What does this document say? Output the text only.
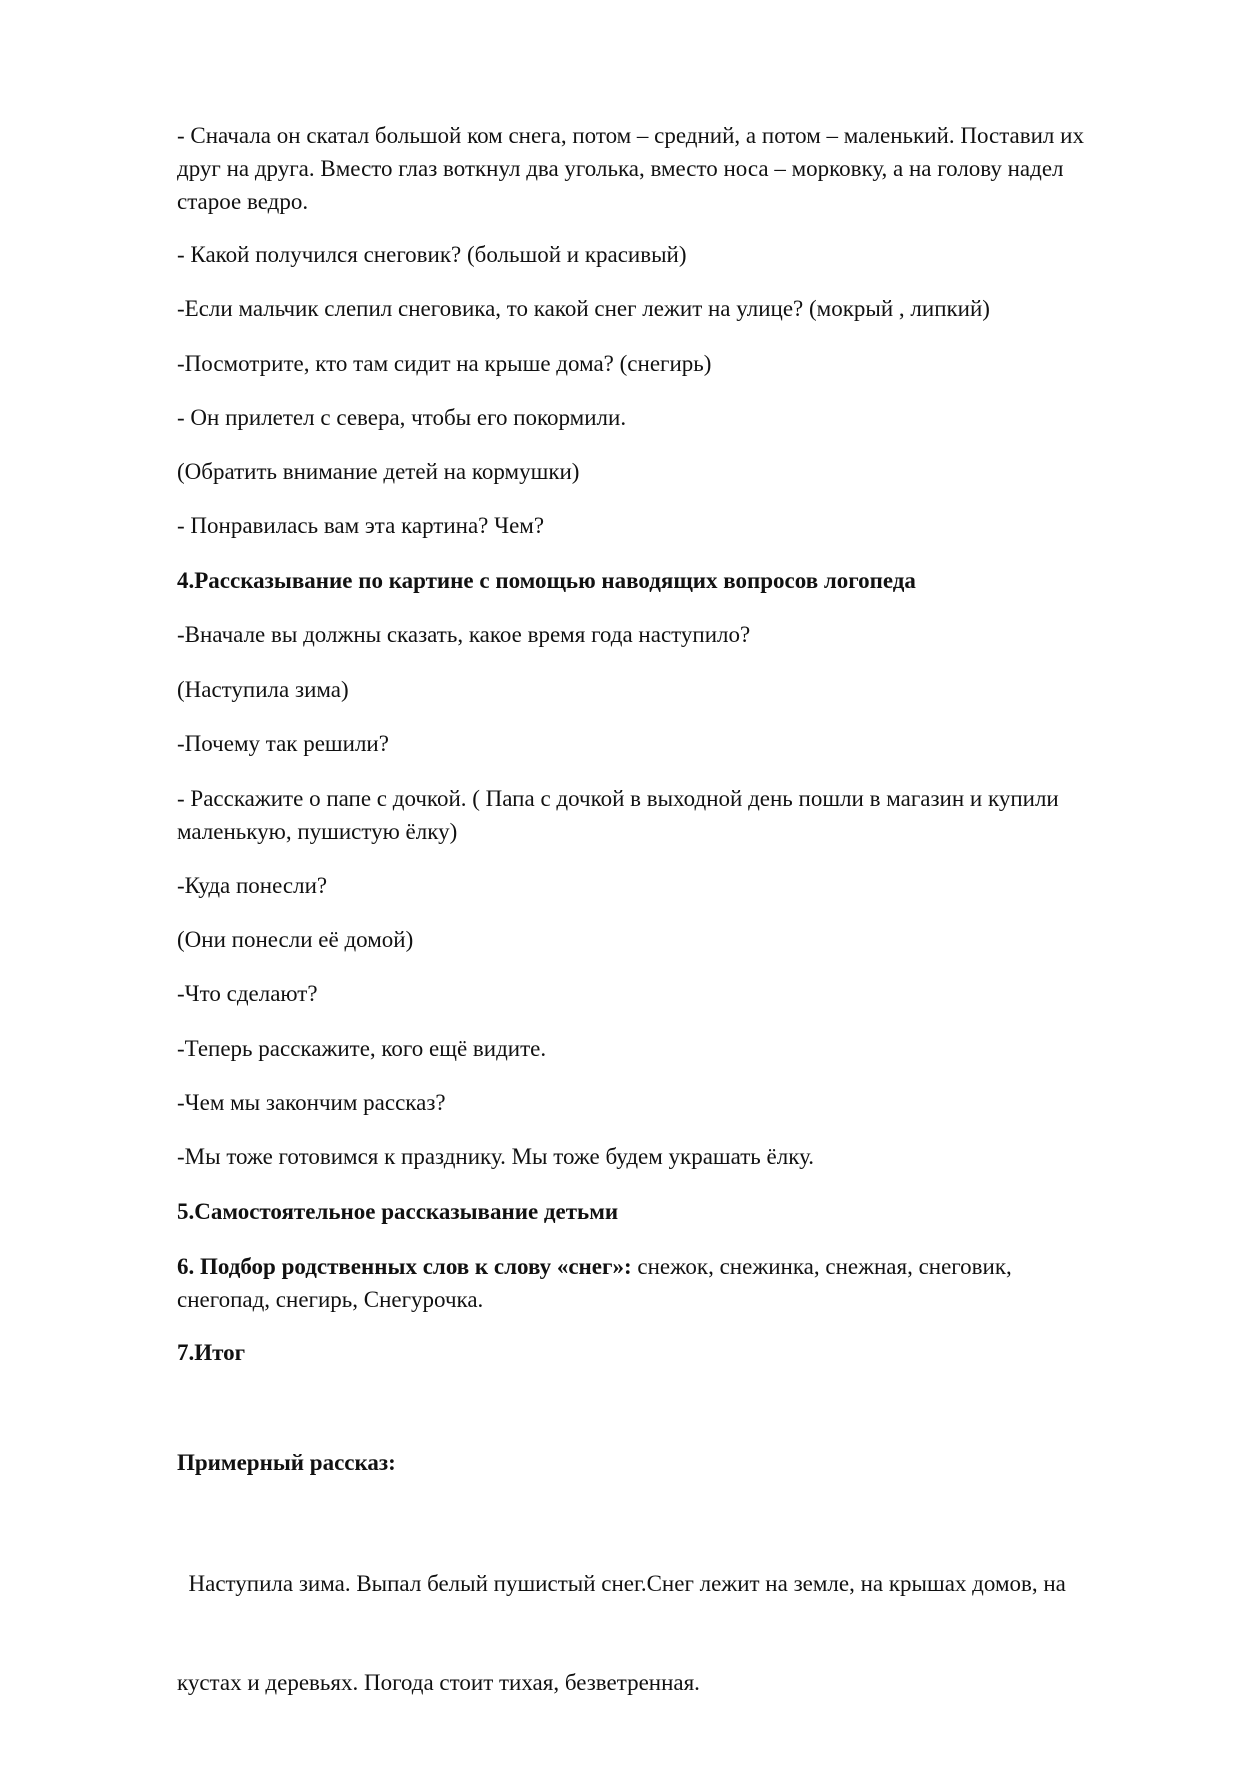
- Сначала он скатал большой ком снега, потом – средний, а потом – маленький. Поставил их
друг на друга. Вместо глаз воткнул два уголька, вместо носа – морковку, а на голову надел
старое ведро.
- Какой получился снеговик? (большой и красивый)
-Если мальчик слепил снеговика, то какой снег лежит на улице? (мокрый , липкий)
-Посмотрите, кто там сидит на крыше дома? (снегирь)
- Он прилетел с севера, чтобы его покормили.
(Обратить внимание детей на кормушки)
- Понравилась вам эта картина? Чем?
4.Рассказывание по картине с помощью наводящих вопросов логопеда
-Вначале вы должны сказать, какое время года наступило?
(Наступила зима)
-Почему так решили?
- Расскажите о папе с дочкой. ( Папа с дочкой в выходной день пошли в магазин и купили
маленькую, пушистую ёлку)
-Куда понесли?
(Они понесли её домой)
-Что сделают?
-Теперь расскажите, кого ещё видите.
-Чем мы закончим рассказ?
-Мы тоже готовимся к празднику. Мы тоже будем украшать ёлку.
5.Самостоятельное рассказывание детьми
6. Подбор родственных слов к слову «снег»: снежок, снежинка, снежная, снеговик,
снегопад, снегирь, Снегурочка.
7.Итог
Примерный рассказ:

Наступила зима. Выпал белый пушистый снег.Снег лежит на земле, на крышах домов, на

кустах и деревьях. Погода стоит тихая, безветренная.
